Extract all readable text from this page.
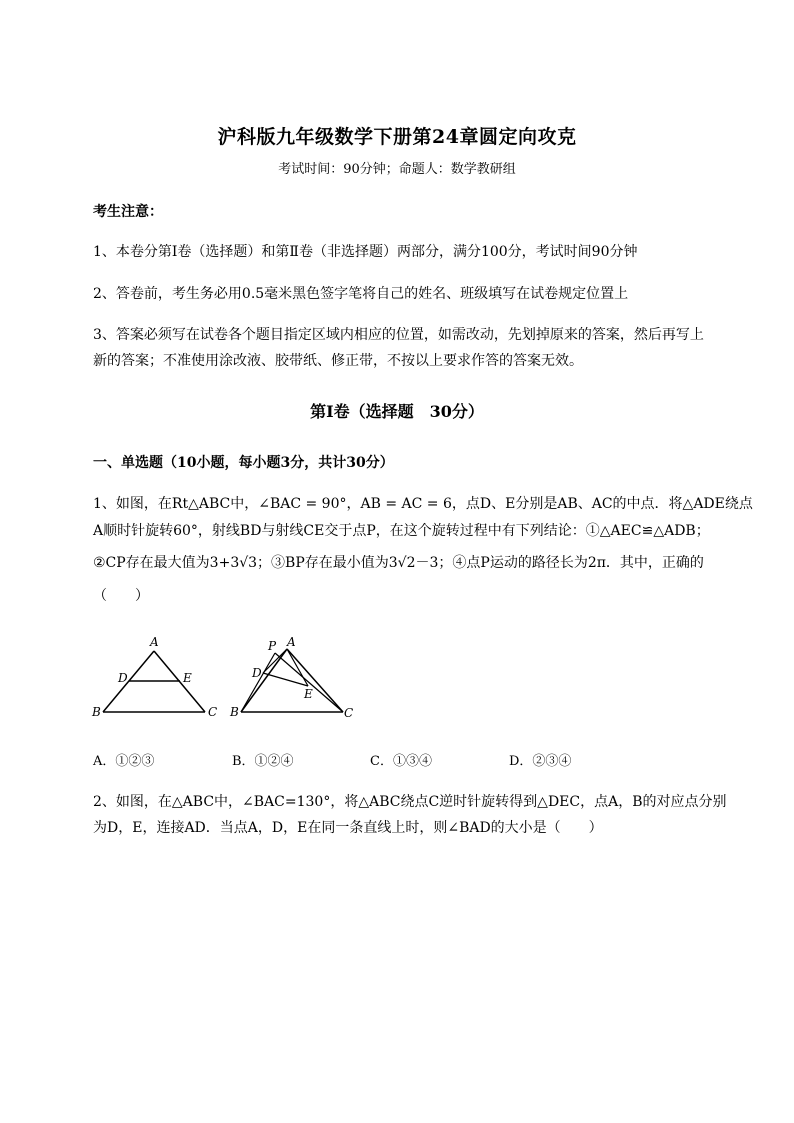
沪科版九年级数学下册第24章圆定向攻克
考试时间：90分钟；命题人：数学教研组
考生注意：
1、本卷分第I卷（选择题）和第Ⅱ卷（非选择题）两部分，满分100分，考试时间90分钟
2、答卷前，考生务必用0.5毫米黑色签字笔将自己的姓名、班级填写在试卷规定位置上
3、答案必须写在试卷各个题目指定区域内相应的位置，如需改动，先划掉原来的答案，然后再写上新的答案；不准使用涂改液、胶带纸、修正带，不按以上要求作答的答案无效。
第I卷（选择题　30分）
一、单选题（10小题，每小题3分，共计30分）
1、如图，在Rt△ABC中，∠BAC = 90°，AB = AC = 6，点D、E分别是AB、AC的中点．将△ADE绕点
A顺时针旋转60°，射线BD与射线CE交于点P，在这个旋转过程中有下列结论：①△AEC≌△ADB；
②CP存在最大值为3+3√3；③BP存在最小值为3√2－3；④点P运动的路径长为2π．其中，正确的
（　　）
A
D	E
B	C
P A
D
E
B	C
A．①②③	B．①②④	C．①③④	D．②③④
2、如图，在△ABC中，∠BAC=130°，将△ABC绕点C逆时针旋转得到△DEC，点A，B的对应点分别
为D，E，连接AD．当点A，D，E在同一条直线上时，则∠BAD的大小是（　　）
